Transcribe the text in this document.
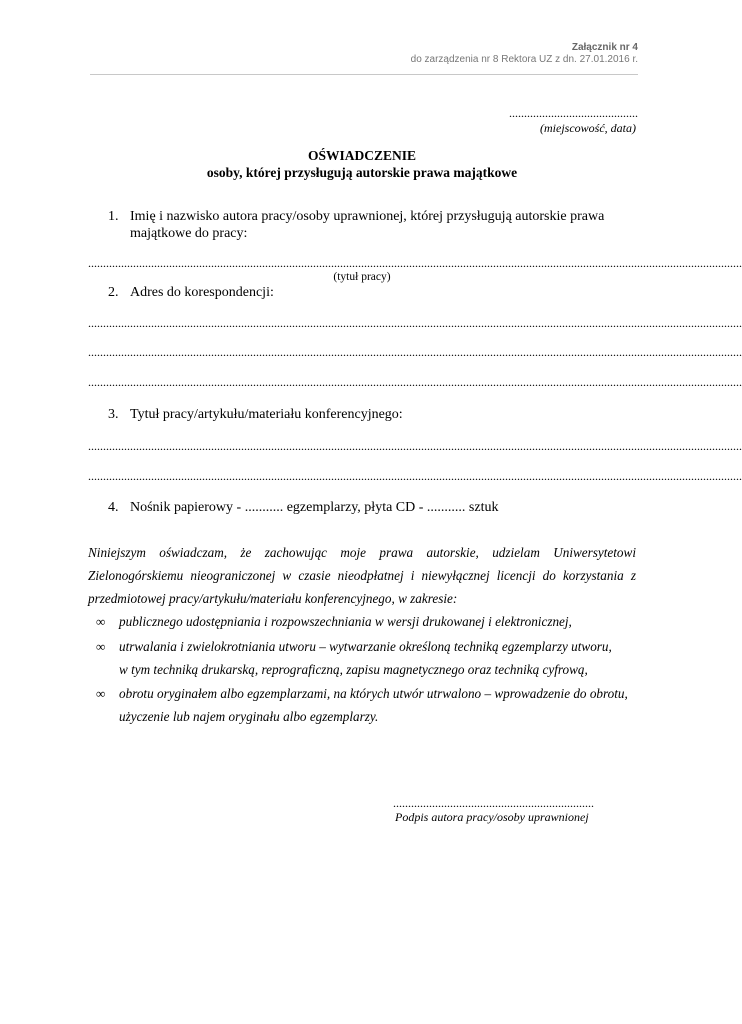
Załącznik nr 4
do zarządzenia nr 8 Rektora UZ z dn. 27.01.2016 r.
...........................................
(miejscowość, data)
OŚWIADCZENIE
osoby, której przysługują autorskie prawa majątkowe
1. Imię i nazwisko autora pracy/osoby uprawnionej, której przysługują autorskie prawa
majątkowe do pracy:
..........................................................................................................................................................................................................................
(tytuł pracy)
2. Adres do korespondencji:
..........................................................................................................................................................................................................................
..........................................................................................................................................................................................................................
..........................................................................................................................................................................................................................
3. Tytuł pracy/artykułu/materiału konferencyjnego:
..........................................................................................................................................................................................................................
..........................................................................................................................................................................................................................
4. Nośnik papierowy - ........... egzemplarzy, płyta CD - ........... sztuk

Niniejszym oświadczam, że zachowując moje prawa autorskie, udzielam Uniwersytetowi Zielonogórskiemu nieograniczonej w czasie nieodpłatnej i niewyłącznej licencji do korzystania z przedmiotowej pracy/artykułu/materiału konferencyjnego, w zakresie:

∞ publicznego udostępniania i rozpowszechniania w wersji drukowanej i elektronicznej,
∞ utrwalania i zwielokrotniania utworu – wytwarzanie określoną techniką egzemplarzy utworu,
w tym techniką drukarską, reprograficzną, zapisu magnetycznego oraz techniką cyfrową,
∞ obrotu oryginałem albo egzemplarzami, na których utwór utrwalono – wprowadzenie do obrotu,
użyczenie lub najem oryginału albo egzemplarzy.
...................................................................
Podpis autora pracy/osoby uprawnionej
